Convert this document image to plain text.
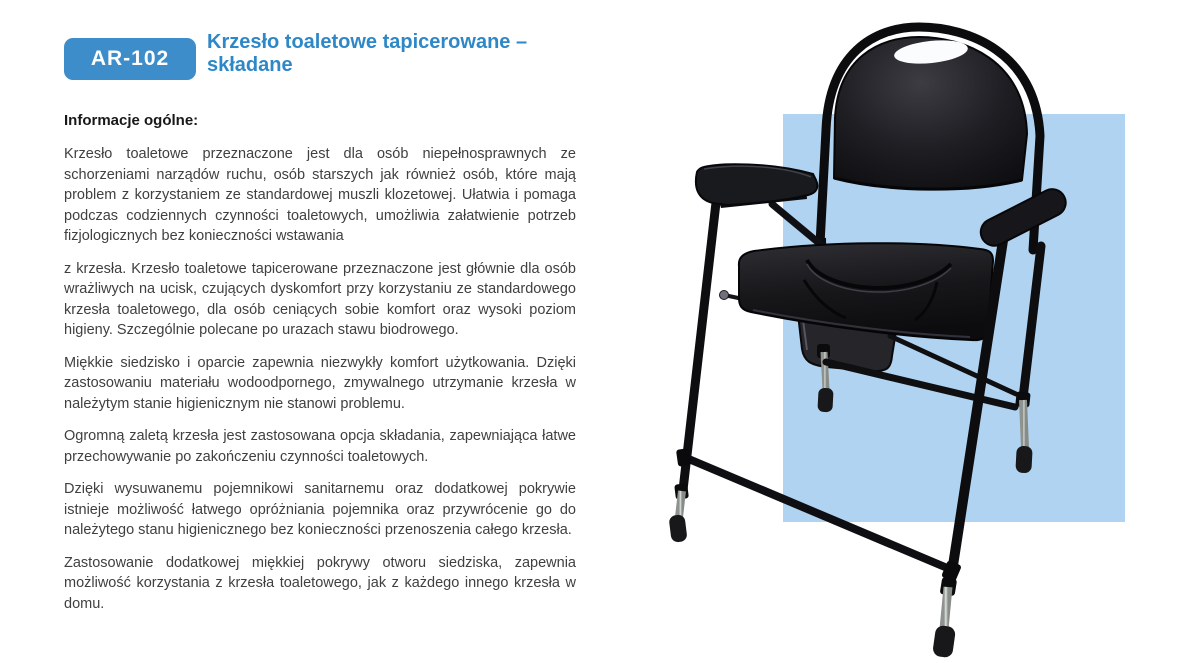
AR-102
Krzesło toaletowe tapicerowane –
składane
Informacje ogólne:

Krzesło toaletowe przeznaczone jest dla osób niepełnosprawnych ze schorzeniami narządów ruchu, osób starszych jak również osób, które mają problem z korzystaniem ze standardowej muszli klozetowej. Ułatwia i pomaga podczas codziennych czynności toaletowych, umożliwia załatwienie potrzeb fizjologicznych bez konieczności wstawania

z krzesła. Krzesło toaletowe tapicerowane przeznaczone jest głównie dla osób wrażliwych na ucisk, czujących dyskomfort przy korzystaniu ze standardowego krzesła toaletowego, dla osób ceniących sobie komfort oraz wysoki poziom higieny. Szczególnie polecane po urazach stawu biodrowego.

Miękkie siedzisko i oparcie zapewnia niezwykły komfort użytkowania. Dzięki zastosowaniu materiału wodoodpornego, zmywalnego utrzymanie krzesła w należytym stanie higienicznym nie stanowi problemu.

Ogromną zaletą krzesła jest zastosowana opcja składania, zapewniająca łatwe przechowywanie po zakończeniu czynności toaletowych.

Dzięki wysuwanemu pojemnikowi sanitarnemu oraz dodatkowej pokrywie istnieje możliwość łatwego opróżniania pojemnika oraz przywrócenie go do należytego stanu higienicznego bez konieczności przenoszenia całego krzesła.

Zastosowanie dodatkowej miękkiej pokrywy otworu siedziska, zapewnia możliwość korzystania z krzesła toaletowego, jak z każdego innego krzesła w domu.
